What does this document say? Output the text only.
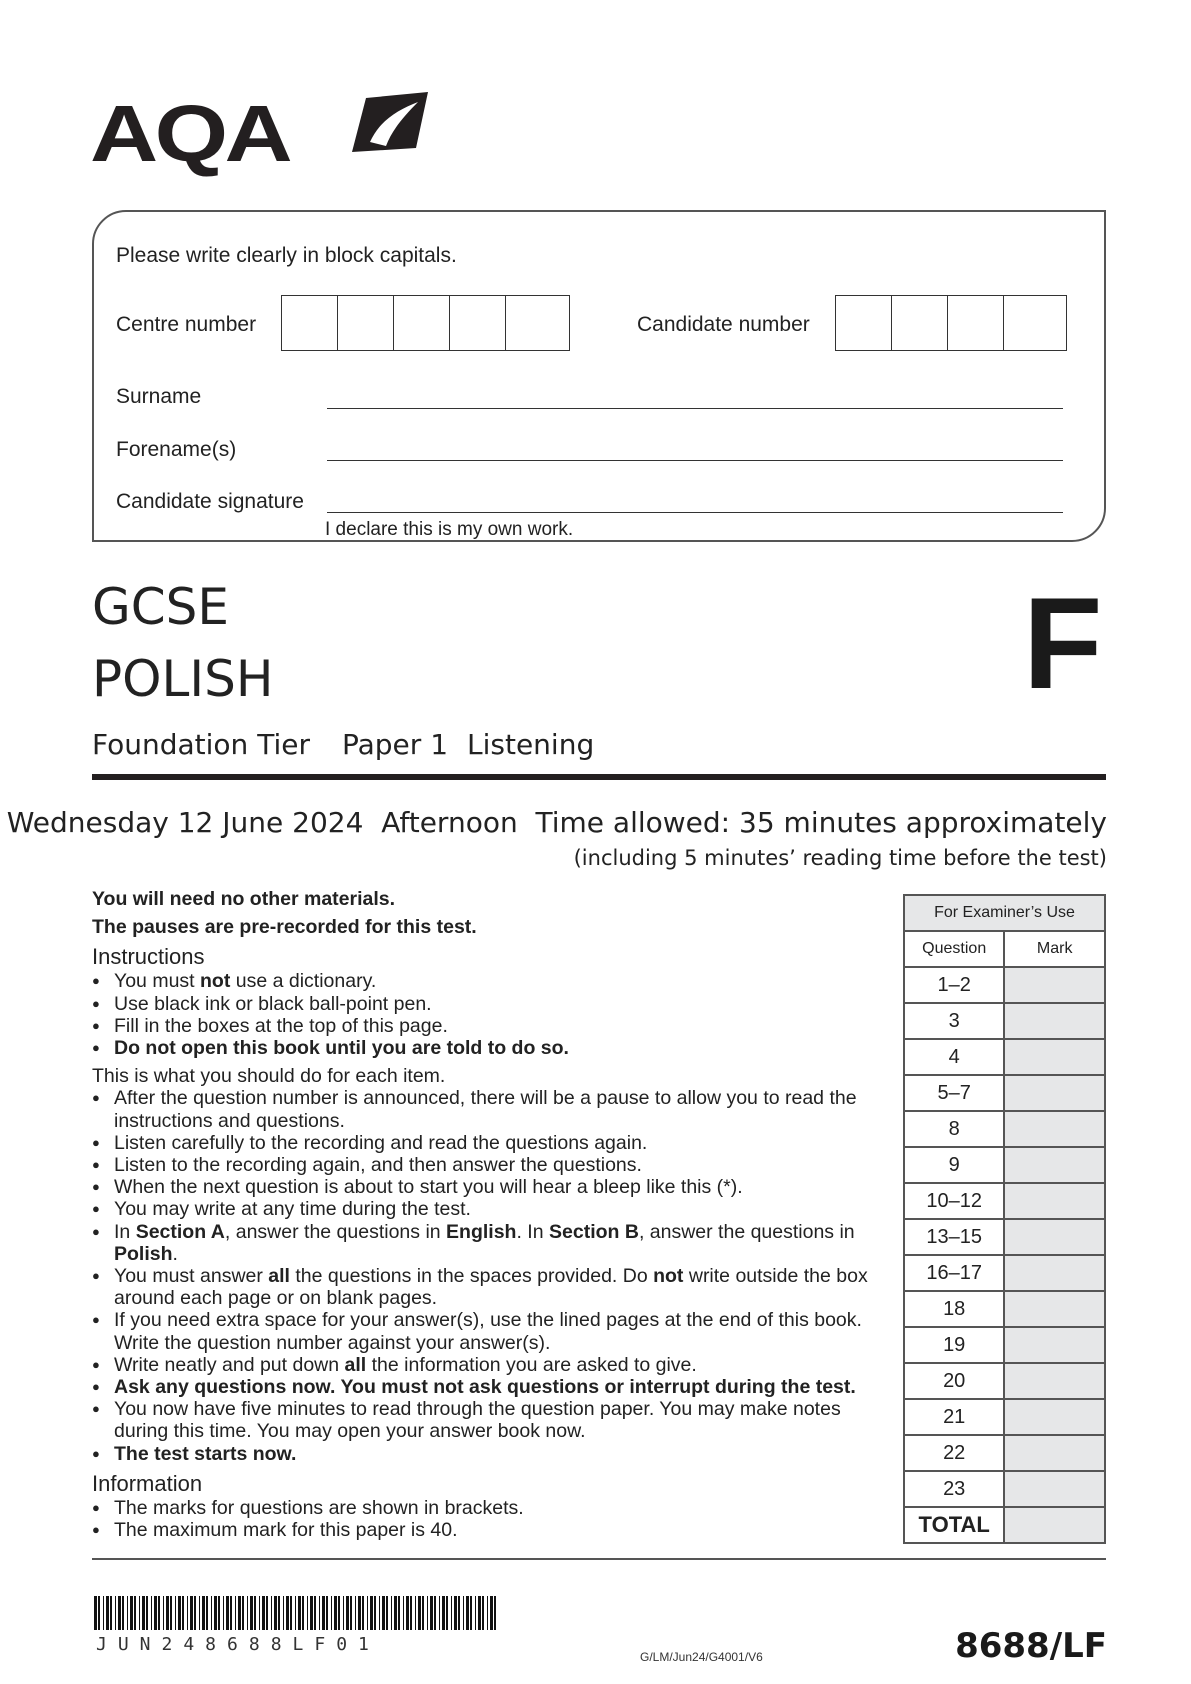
AQA
Please write clearly in block capitals.
Centre number	Candidate number
Surname
Forename(s)
Candidate signature
I declare this is my own work.
GCSE
POLISH
Foundation Tier Paper 1 Listening
F
Wednesday 12 June 2024  Afternoon  Time allowed: 35 minutes approximately
(including 5 minutes’ reading time before the test)

You will need no other materials.

The pauses are pre-recorded for this test.

Instructions

● You must not use a dictionary.
● Use black ink or black ball-point pen.
● Fill in the boxes at the top of this page.
● Do not open this book until you are told to do so.

This is what you should do for each item.

● After the question number is announced, there will be a pause to allow you to read the instructions and questions.
● Listen carefully to the recording and read the questions again.
● Listen to the recording again, and then answer the questions.
● When the next question is about to start you will hear a bleep like this (*).
● You may write at any time during the test.
● In Section A, answer the questions in English. In Section B, answer the questions in Polish.
● You must answer all the questions in the spaces provided. Do not write outside the box around each page or on blank pages.
● If you need extra space for your answer(s), use the lined pages at the end of this book. Write the question number against your answer(s).
● Write neatly and put down all the information you are asked to give.
● Ask any questions now. You must not ask questions or interrupt during the test.
● You now have five minutes to read through the question paper. You may make notes during this time. You may open your answer book now.
● The test starts now.

Information

● The marks for questions are shown in brackets.
● The maximum mark for this paper is 40.
For Examiner’s Use	
Question	Mark
1–2	
3	
4	
5–7	
8	
9	
10–12	
13–15	
16–17	
18	
19	
20	
21	
22	
23	
TOTAL	
JUN248688LF01
G/LM/Jun24/G4001/V6	8688/LF
